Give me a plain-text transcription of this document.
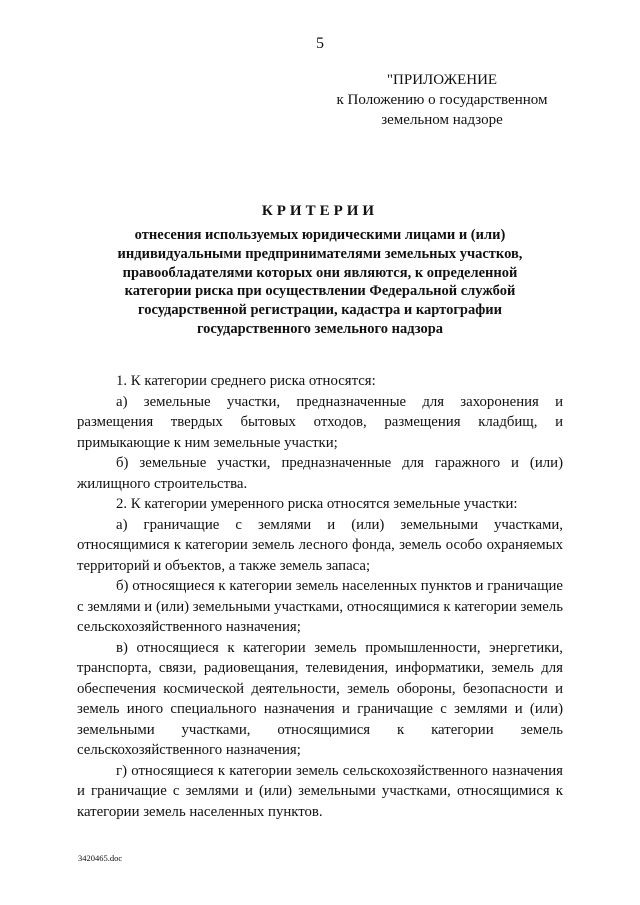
5
"ПРИЛОЖЕНИЕ
к Положению о государственном
земельном надзоре
КРИТЕРИИ
отнесения используемых юридическими лицами и (или) индивидуальными предпринимателями земельных участков, правообладателями которых они являются, к определенной категории риска при осуществлении Федеральной службой государственной регистрации, кадастра и картографии государственного земельного надзора

1. К категории среднего риска относятся:

а) земельные участки, предназначенные для захоронения и размещения твердых бытовых отходов, размещения кладбищ, и примыкающие к ним земельные участки;

б) земельные участки, предназначенные для гаражного и (или) жилищного строительства.

2. К категории умеренного риска относятся земельные участки:

а) граничащие с землями и (или) земельными участками, относящимися к категории земель лесного фонда, земель особо охраняемых территорий и объектов, а также земель запаса;

б) относящиеся к категории земель населенных пунктов и граничащие с землями и (или) земельными участками, относящимися к категории земель сельскохозяйственного назначения;

в) относящиеся к категории земель промышленности, энергетики, транспорта, связи, радиовещания, телевидения, информатики, земель для обеспечения космической деятельности, земель обороны, безопасности и земель иного специального назначения и граничащие с землями и (или) земельными участками, относящимися к категории земель сельскохозяйственного назначения;

г) относящиеся к категории земель сельскохозяйственного назначения и граничащие с землями и (или) земельными участками, относящимися к категории земель населенных пунктов.

3420465.doc
